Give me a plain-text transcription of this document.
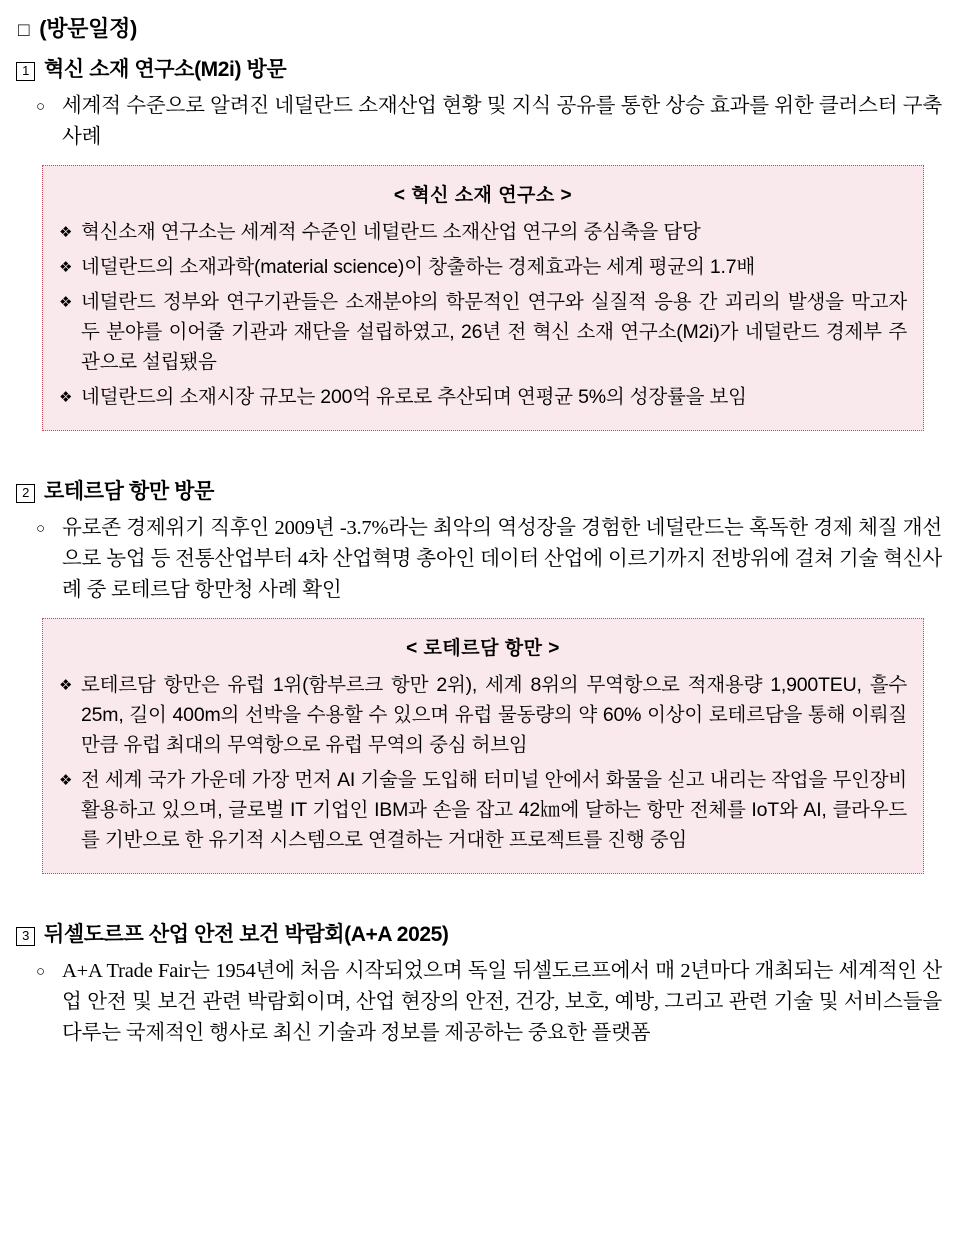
□ (방문일정)
1 혁신 소재 연구소(M2i) 방문
○ 세계적 수준으로 알려진 네덜란드 소재산업 현황 및 지식 공유를 통한 상승 효과를 위한 클러스터 구축 사례
< 혁신 소재 연구소 >
❖ 혁신소재 연구소는 세계적 수준인 네덜란드 소재산업 연구의 중심축을 담당
❖ 네덜란드의 소재과학(material science)이 창출하는 경제효과는 세계 평균의 1.7배
❖ 네덜란드 정부와 연구기관들은 소재분야의 학문적인 연구와 실질적 응용 간 괴리의 발생을 막고자 두 분야를 이어줄 기관과 재단을 설립하였고, 26년 전 혁신 소재 연구소(M2i)가 네덜란드 경제부 주관으로 설립됐음
❖ 네덜란드의 소재시장 규모는 200억 유로로 추산되며 연평균 5%의 성장률을 보임
2 로테르담 항만 방문
○ 유로존 경제위기 직후인 2009년 -3.7%라는 최악의 역성장을 경험한 네덜란드는 혹독한 경제 체질 개선으로 농업 등 전통산업부터 4차 산업혁명 총아인 데이터 산업에 이르기까지 전방위에 걸쳐 기술 혁신사례 중 로테르담 항만청 사례 확인
< 로테르담 항만 >
❖ 로테르담 항만은 유럽 1위(함부르크 항만 2위), 세계 8위의 무역항으로 적재용량 1,900TEU, 흘수 25m, 길이 400m의 선박을 수용할 수 있으며 유럽 물동량의 약 60% 이상이 로테르담을 통해 이뤄질 만큼 유럽 최대의 무역항으로 유럽 무역의 중심 허브임
❖ 전 세계 국가 가운데 가장 먼저 AI 기술을 도입해 터미널 안에서 화물을 싣고 내리는 작업을 무인장비 활용하고 있으며, 글로벌 IT 기업인 IBM과 손을 잡고 42㎞에 달하는 항만 전체를 IoT와 AI, 클라우드를 기반으로 한 유기적 시스템으로 연결하는 거대한 프로젝트를 진행 중임
3 뒤셀도르프 산업 안전 보건 박람회(A+A 2025)
○ A+A Trade Fair는 1954년에 처음 시작되었으며 독일 뒤셀도르프에서 매 2년마다 개최되는 세계적인 산업 안전 및 보건 관련 박람회이며, 산업 현장의 안전, 건강, 보호, 예방, 그리고 관련 기술 및 서비스들을 다루는 국제적인 행사로 최신 기술과 정보를 제공하는 중요한 플랫폼
